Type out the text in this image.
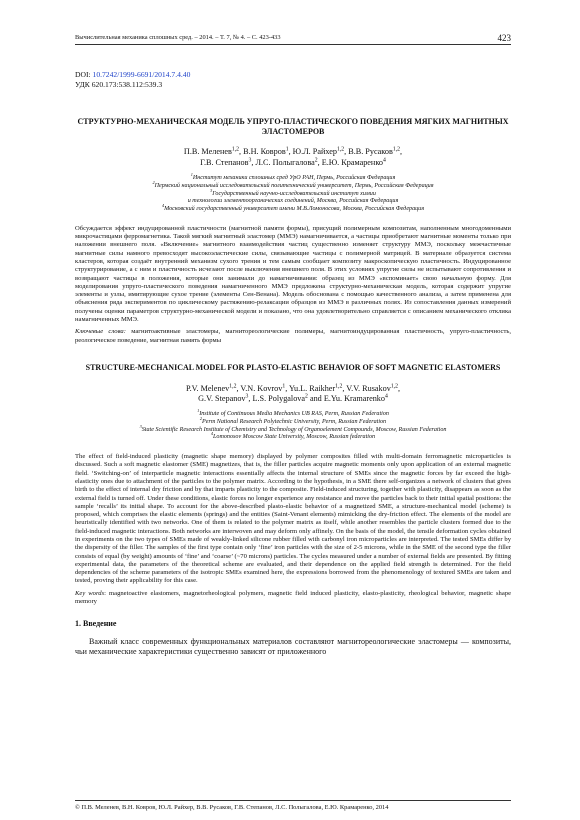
Вычислительная механика сплошных сред. – 2014. – Т. 7, № 4. – С. 423-433	423
DOI: 10.7242/1999-6691/2014.7.4.40
УДК 620.173:538.112:539.3
СТРУКТУРНО-МЕХАНИЧЕСКАЯ МОДЕЛЬ УПРУГО-ПЛАСТИЧЕСКОГО ПОВЕДЕНИЯ МЯГКИХ МАГНИТНЫХ ЭЛАСТОМЕРОВ
П.В. Меленев$^{1,2}$, В.Н. Ковров$^1$, Ю.Л. Райхер$^{1,2}$, В.В. Русаков$^{1,2}$,
Г.В. Степанов$^3$, Л.С. Полыгалова$^2$, Е.Ю. Крамаренко$^4$
$^1$Институт механики сплошных сред УрО РАН, Пермь, Российская Федерация
$^2$Пермский национальный исследовательский политехнический университет, Пермь, Российская Федерация
$^3$Государственный научно-исследовательский институт химии
и технологии элементоорганических соединений, Москва, Российская Федерация
$^4$Московский государственный университет имени М.В.Ломоносова, Москва, Российская Федерация
Обсуждается эффект индуцированной пластичности (магнитной памяти формы), присущий полимерным композитам, наполненным многодоменными микрочастицами ферромагнетика. Такой мягкий магнитный эластомер (ММЭ) намагничивается, а частицы приобретают магнитные моменты только при наложении внешнего поля. «Включение» магнитного взаимодействия частиц существенно изменяет структуру ММЭ, поскольку межчастичные магнитные силы намного превосходят высокоэластические силы, связывающие частицы с полимерной матрицей. В материале образуется система кластеров, которая создаёт внутренний механизм сухого трения и тем самым сообщает композиту макроскопическую пластичность. Индуцированное структурирование, а с ним и пластичность исчезают после выключения внешнего поля. В этих условиях упругие силы не испытывают сопротивления и возвращают частицы в положения, которые они занимали до намагничивания: образец из ММЭ «вспоминает» свою начальную форму. Для моделирования упруго-пластического поведения намагниченного ММЭ предложена структурно-механическая модель, которая содержит упругие элементы и узлы, имитирующие сухое трение (элементы Сен-Венана). Модель обоснована с помощью качественного анализа, а затем применена для объяснения ряда экспериментов по циклическому растяжению-релаксации образцов из ММЭ в различных полях. Из сопоставления данных измерений получены оценки параметров структурно-механической модели и показано, что она удовлетворительно справляется с описанием механического отклика намагниченных ММЭ.
Ключевые слова: магнитоактивные эластомеры, магнитореологические полимеры, магнитоиндуцированная пластичность, упруго-пластичность, реологическое поведение, магнитная память формы
STRUCTURE-MECHANICAL MODEL FOR PLASTO-ELASTIC BEHAVIOR OF SOFT MAGNETIC ELASTOMERS
P.V. Melenev$^{1,2}$, V.N. Kovrov$^1$, Yu.L. Raikher$^{1,2}$, V.V. Rusakov$^{1,2}$,
G.V. Stepanov$^3$, L.S. Polygalova$^2$ and E.Yu. Kramarenko$^4$
$^1$Institute of Continuous Media Mechanics UB RAS, Perm, Russian Federation
$^2$Perm National Research Polytechnic University, Perm, Russian Federation
$^3$State Scientific Research Institute of Chemistry and Technology of Organoelement Compounds, Moscow, Russian Federation
$^4$Lomonosov Moscow State University, Moscow, Russian federation
The effect of field-induced plasticity (magnetic shape memory) displayed by polymer composites filled with multi-domain ferromagnetic microparticles is discussed. Such a soft magnetic elastomer (SME) magnetizes, that is, the filler particles acquire magnetic moments only upon application of an external magnetic field. ‘Switching-on’ of interparticle magnetic interactions essentially affects the internal structure of SMEs since the magnetic forces by far exceed the high-elasticity ones due to attachment of the particles to the polymer matrix. According to the hypothesis, in a SME there self-organizes a network of clusters that gives birth to the effect of internal dry friction and by that imparts plasticity to the composite. Field-induced structuring, together with plasticity, disappears as soon as the external field is turned off. Under these conditions, elastic forces no longer experience any resistance and move the particles back to their initial spatial positions: the sample ‘recalls’ its initial shape. To account for the above-described plasto-elastic behavior of a magnetized SME, a structure-mechanical model (scheme) is proposed, which comprises the elastic elements (springs) and the entities (Saint-Venant elements) mimicking the dry-friction effect. The elements of the model are heuristically identified with two networks. One of them is related to the polymer matrix as itself, while another resembles the particle clusters formed due to the field-induced magnetic interactions. Both networks are interwoven and may deform only affinely. On the basis of the model, the tensile deformation cycles obtained in experiments on the two types of SMEs made of weakly-linked silicone rubber filled with carbonyl iron microparticles are interpreted. The tested SMEs differ by the dispersity of the filler. The samples of the first type contain only ‘fine’ iron particles with the size of 2-5 microns, while in the SME of the second type the filler consists of equal (by weight) amounts of ‘fine’ and ‘coarse’ (~70 microns) particles. The cycles measured under a number of external fields are presented. By fitting experimental data, the parameters of the theoretical scheme are evaluated, and their dependence on the applied field strength is determined. For the field dependencies of the scheme parameters of the isotropic SMEs examined here, the expressions borrowed from the phenomenology of textured SMEs are taken and tested, proving their applicability for this case.
Key words: magnetoactive elastomers, magnetorheological polymers, magnetic field induced plasticity, elasto-plasticity, rheological behavior, magnetic shape memory
1. Введение
Важный класс современных функциональных материалов составляют магнитореологические эластомеры — композиты, чьи механические характеристики существенно зависят от приложенного
© П.В. Меленев, В.Н. Ковров, Ю.Л. Райхер, В.В. Русаков, Г.В. Степанов, Л.С. Полыгалова, Е.Ю. Крамаренко, 2014
